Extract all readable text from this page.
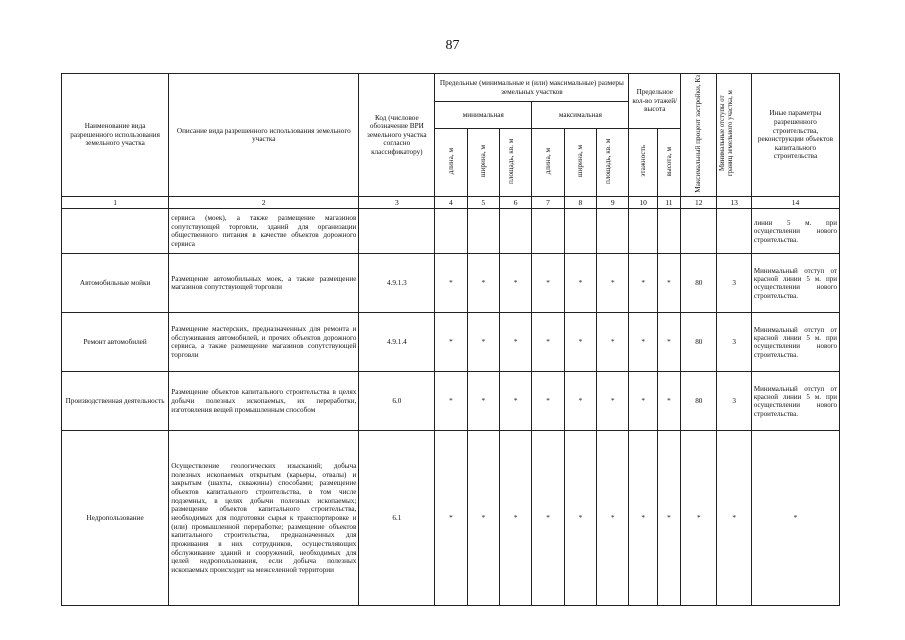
87
Наименование вида разрешенного использования земельного участка	Описание вида разрешенного использования земельного участка	Код (числовое обозначение ВРИ земельного участка согласно классификатору)	Предельные (минимальные и (или) максимальные) размеры земельных участков						Предельное кол-во этажей/ высота		Максимальный процент застройки, Кз	Минимальные отступы от границ земельного участка, м	Иные параметры разрешенного строительства, реконструкции объектов капитального строительства
			минимальная			максимальная							
			длина, м	ширина, м	площадь, кв. м	длина, м	ширина, м	площадь, кв. м	этажность	высота, м			
1	2	3	4	5	6	7	8	9	10	11	12	13	14
	сервиса (моек), а также размещение магазинов сопутствующей торговли, зданий для организации общественного питания в качестве объектов дорожного сервиса												линии 5 м. при осуществлении нового строительства.
Автомобильные мойки	Размещение автомобильных моек, а также размещение магазинов сопутствующей торговли	4.9.1.3	*	*	*	*	*	*	*	*	80	3	Минимальный отступ от красной линии 5 м. при осуществлении нового строительства.
Ремонт автомобилей	Размещение мастерских, предназначенных для ремонта и обслуживания автомобилей, и прочих объектов дорожного сервиса, а также размещение магазинов сопутствующей торговли	4.9.1.4	*	*	*	*	*	*	*	*	80	3	Минимальный отступ от красной линии 5 м. при осуществлении нового строительства.
Производственная деятельность	Размещение объектов капитального строительства в целях добычи полезных ископаемых, их переработки, изготовления вещей промышленным способом	6.0	*	*	*	*	*	*	*	*	80	3	Минимальный отступ от красной линии 5 м. при осуществлении нового строительства.
Недропользование	Осуществление геологических изысканий; добыча полезных ископаемых открытым (карьеры, отвалы) и закрытым (шахты, скважины) способами; размещение объектов капитального строительства, в том числе подземных, в целях добычи полезных ископаемых; размещение объектов капитального строительства, необходимых для подготовки сырья к транспортировке и (или) промышленной переработке; размещение объектов капитального строительства, предназначенных для проживания в них сотрудников, осуществляющих обслуживание зданий и сооружений, необходимых для целей недропользования, если добыча полезных ископаемых происходит на межселенной территории	6.1	*	*	*	*	*	*	*	*	*	*	*
